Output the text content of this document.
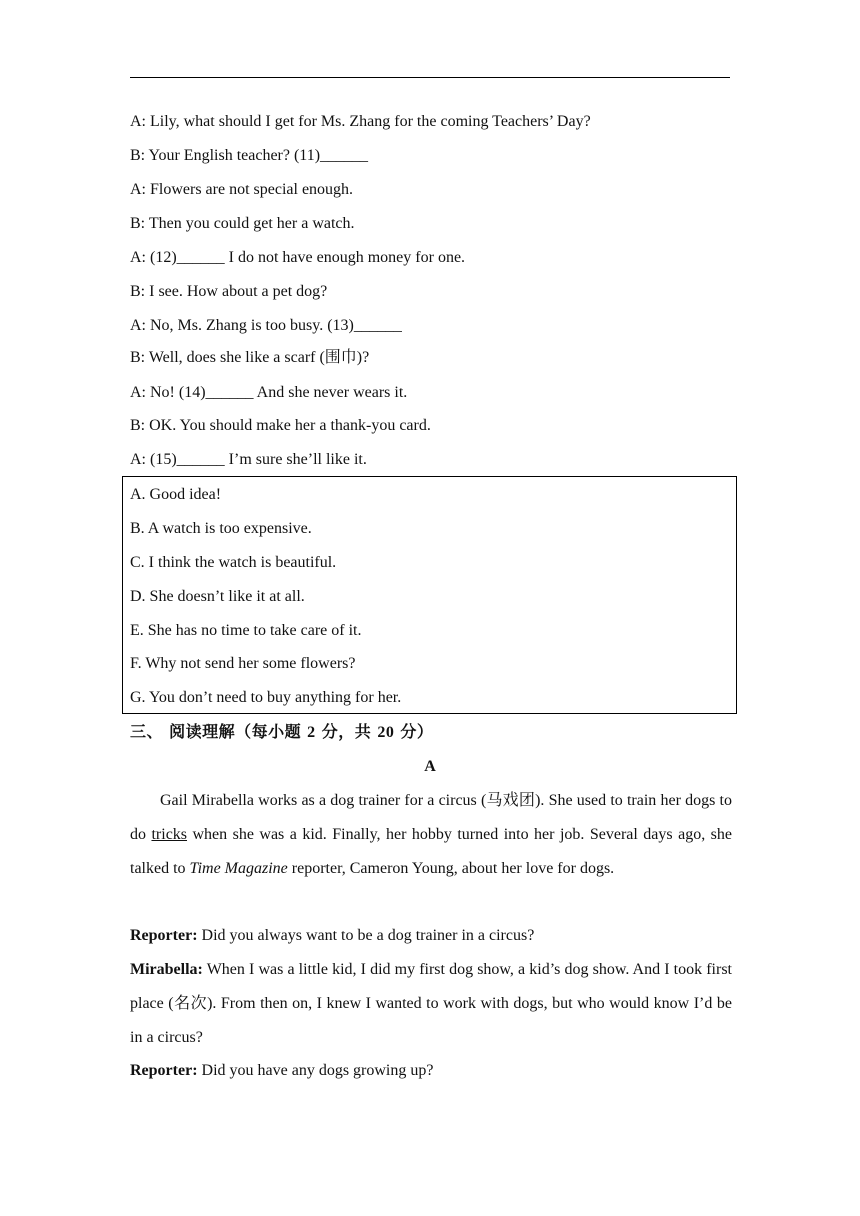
A: Lily, what should I get for Ms. Zhang for the coming Teachers’ Day?
B: Your English teacher? (11)______
A: Flowers are not special enough.
B: Then you could get her a watch.
A: (12)______ I do not have enough money for one.
B: I see. How about a pet dog?
A: No, Ms. Zhang is too busy. (13)______
B: Well, does she like a scarf (围巾)?
A: No! (14)______ And she never wears it.
B: OK. You should make her a thank-you card.
A: (15)______ I’m sure she’ll like it.
A. Good idea!
B. A watch is too expensive.
C. I think the watch is beautiful.
D. She doesn’t like it at all.
E. She has no time to take care of it.
F. Why not send her some flowers?
G. You don’t need to buy anything for her.
三、 阅读理解（每小题 2 分，共 20 分）
A
Gail Mirabella works as a dog trainer for a circus (马戏团). She used to train her dogs to do tricks when she was a kid. Finally, her hobby turned into her job. Several days ago, she talked to Time Magazine reporter, Cameron Young, about her love for dogs.
Reporter: Did you always want to be a dog trainer in a circus?
Mirabella: When I was a little kid, I did my first dog show, a kid’s dog show. And I took first place (名次). From then on, I knew I wanted to work with dogs, but who would know I’d be in a circus?
Reporter: Did you have any dogs growing up?
